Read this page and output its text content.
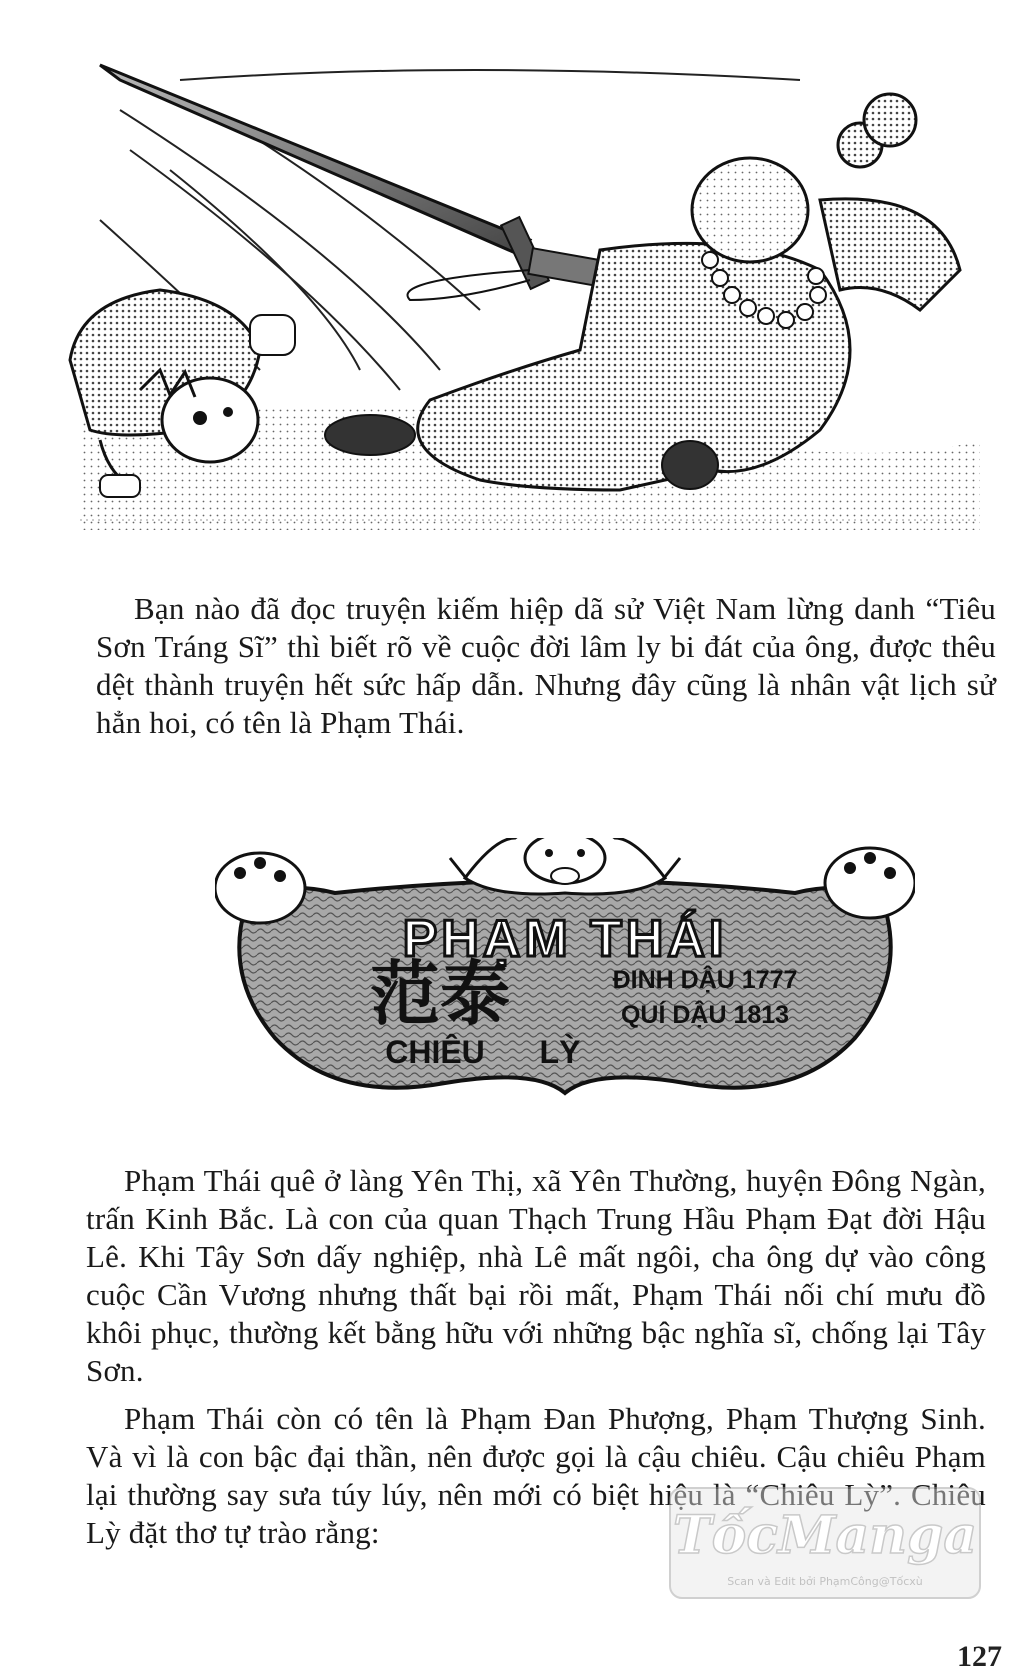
Bạn nào đã đọc truyện kiếm hiệp dã sử Việt Nam lừng danh “Tiêu Sơn Tráng Sĩ” thì biết rõ về cuộc đời lâm ly bi đát của ông, được thêu dệt thành truyện hết sức hấp dẫn. Nhưng đây cũng là nhân vật lịch sử hẳn hoi, có tên là Phạm Thái.

PHẠM THÁI
范泰	ĐINH DẬU 1777
QUÍ DẬU 1813
CHIÊU LỲ

Phạm Thái quê ở làng Yên Thị, xã Yên Thường, huyện Đông Ngàn, trấn Kinh Bắc. Là con của quan Thạch Trung Hầu Phạm Đạt đời Hậu Lê. Khi Tây Sơn dấy nghiệp, nhà Lê mất ngôi, cha ông dự vào công cuộc Cần Vương nhưng thất bại rồi mất, Phạm Thái nối chí mưu đồ khôi phục, thường kết bằng hữu với những bậc nghĩa sĩ, chống lại Tây Sơn.

Phạm Thái còn có tên là Phạm Đan Phượng, Phạm Thượng Sinh. Và vì là con bậc đại thần, nên được gọi là cậu chiêu. Cậu chiêu Phạm lại thường say sưa túy lúy, nên mới có biệt hiệu là “Chiêu Lỳ”. Chiêu Lỳ đặt thơ tự trào rằng:	TốcManga
Scan và Edit bởi PhạmCông@Tốcxù
127
